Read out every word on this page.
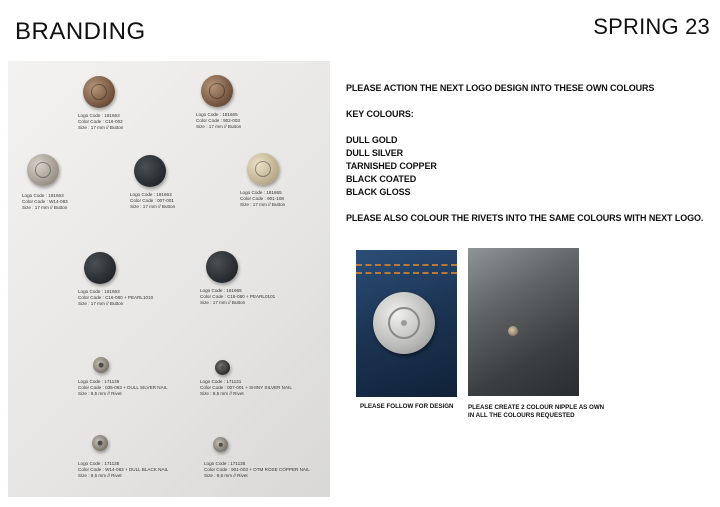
BRANDING	SPRING 23
Logo Code : 181663
Color Code : C16-002
Size : 17 mm // Button
Logo Code : 181665
Color Code : 902-003
Size : 17 mm // Button
Logo Code : 181663
Color Code : W14-083
Size : 17 mm // Button
Logo Code : 181663
Color Code : 007-001
Size : 17 mm // Button
Logo Code : 181665
Color Code : 901-108
Size : 17 mm // Button
Logo Code : 181663
Color Code : C16-080 + PEARL1010
Size : 17 mm // Button
Logo Code : 181665
Color Code : C16-080 + PEARL0101
Size : 17 mm // Button
Logo Code : 171135
Color Code : 035-083 + DULL SILVER NAIL
Size : 9,5 mm // Rivet
Logo Code : 171131
Color Code : 007-001 + SHINY SILVER NAIL
Size : 9,5 mm // Rivet
Logo Code : 171135
Color Code : W14-083 + DULL BLACK NAIL
Size : 9,5 mm // Rivet
Logo Code : 171135
Color Code : 901-003 + OTM ROSE COPPER NAIL
Size : 9,5 mm // Rivet
PLEASE ACTION THE NEXT LOGO DESIGN INTO THESE OWN COLOURS
KEY COLOURS:
DULL GOLD
DULL SILVER
TARNISHED COPPER
BLACK COATED
BLACK GLOSS
PLEASE ALSO COLOUR THE RIVETS INTO THE SAME COLOURS WITH NEXT LOGO.
PLEASE FOLLOW FOR DESIGN PLEASE CREATE 2 COLOUR NIPPLE AS OWN
IN ALL THE COLOURS REQUESTED
